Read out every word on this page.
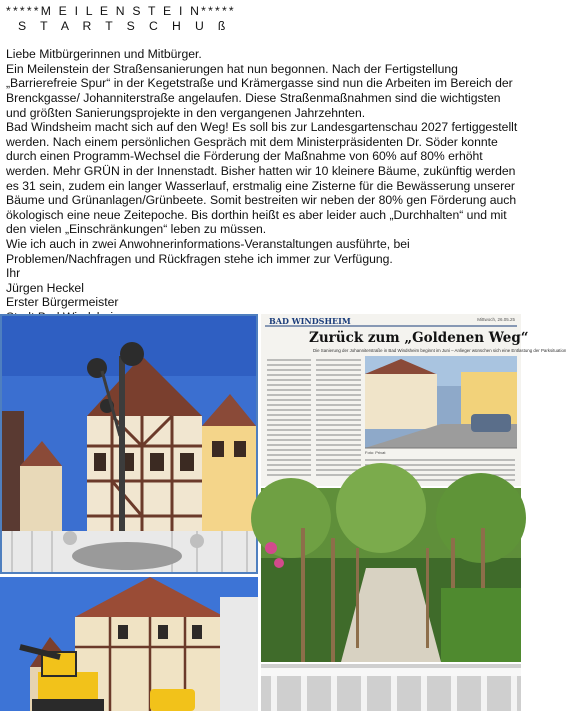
*****M E I L E N S T E I N*****
S T A R T S C H U ß

Liebe Mitbürgerinnen und Mitbürger.

Ein Meilenstein der Straßensanierungen hat nun begonnen. Nach der Fertigstellung „Barrierefreie Spur“ in der Kegetstraße und Krämergasse sind nun die Arbeiten im Bereich der Brenckgasse/ Johanniterstraße angelaufen. Diese Straßenmaßnahmen sind die wichtigsten und größten Sanierungsprojekte in den vergangenen Jahrzehnten.

Bad Windsheim macht sich auf den Weg! Es soll bis zur Landesgartenschau 2027 fertiggestellt werden. Nach einem persönlichen Gespräch mit dem Ministerpräsidenten Dr. Söder konnte durch einen Programm-Wechsel die Förderung der Maßnahme von 60% auf 80% erhöht werden. Mehr GRÜN in der Innenstadt. Bisher hatten wir 10 kleinere Bäume, zukünftig werden es 31 sein, zudem ein langer Wasserlauf, erstmalig eine Zisterne für die Bewässerung unserer Bäume und Grünanlagen/Grünbeete. Somit bestreiten wir neben der 80% gen Förderung auch ökologisch eine neue Zeitepoche. Bis dorthin heißt es aber leider auch „Durchhalten“ und mit den vielen „Einschränkungen“ leben zu müssen.

Wie ich auch in zwei Anwohnerinformations-Veranstaltungen ausführte, bei Problemen/Nachfragen und Rückfragen stehe ich immer zur Verfügung.

Ihr
Jürgen Heckel
Erster Bürgermeister
BAD WINDSHEIM	Mittwoch, 26.05.25
Zurück zum „Goldenen Weg“
Die Sanierung der Johanniterstraße in Bad Windsheim beginnt im Juni – Anlieger wünschen sich eine Entlastung der Parksituation
Foto: Privat
